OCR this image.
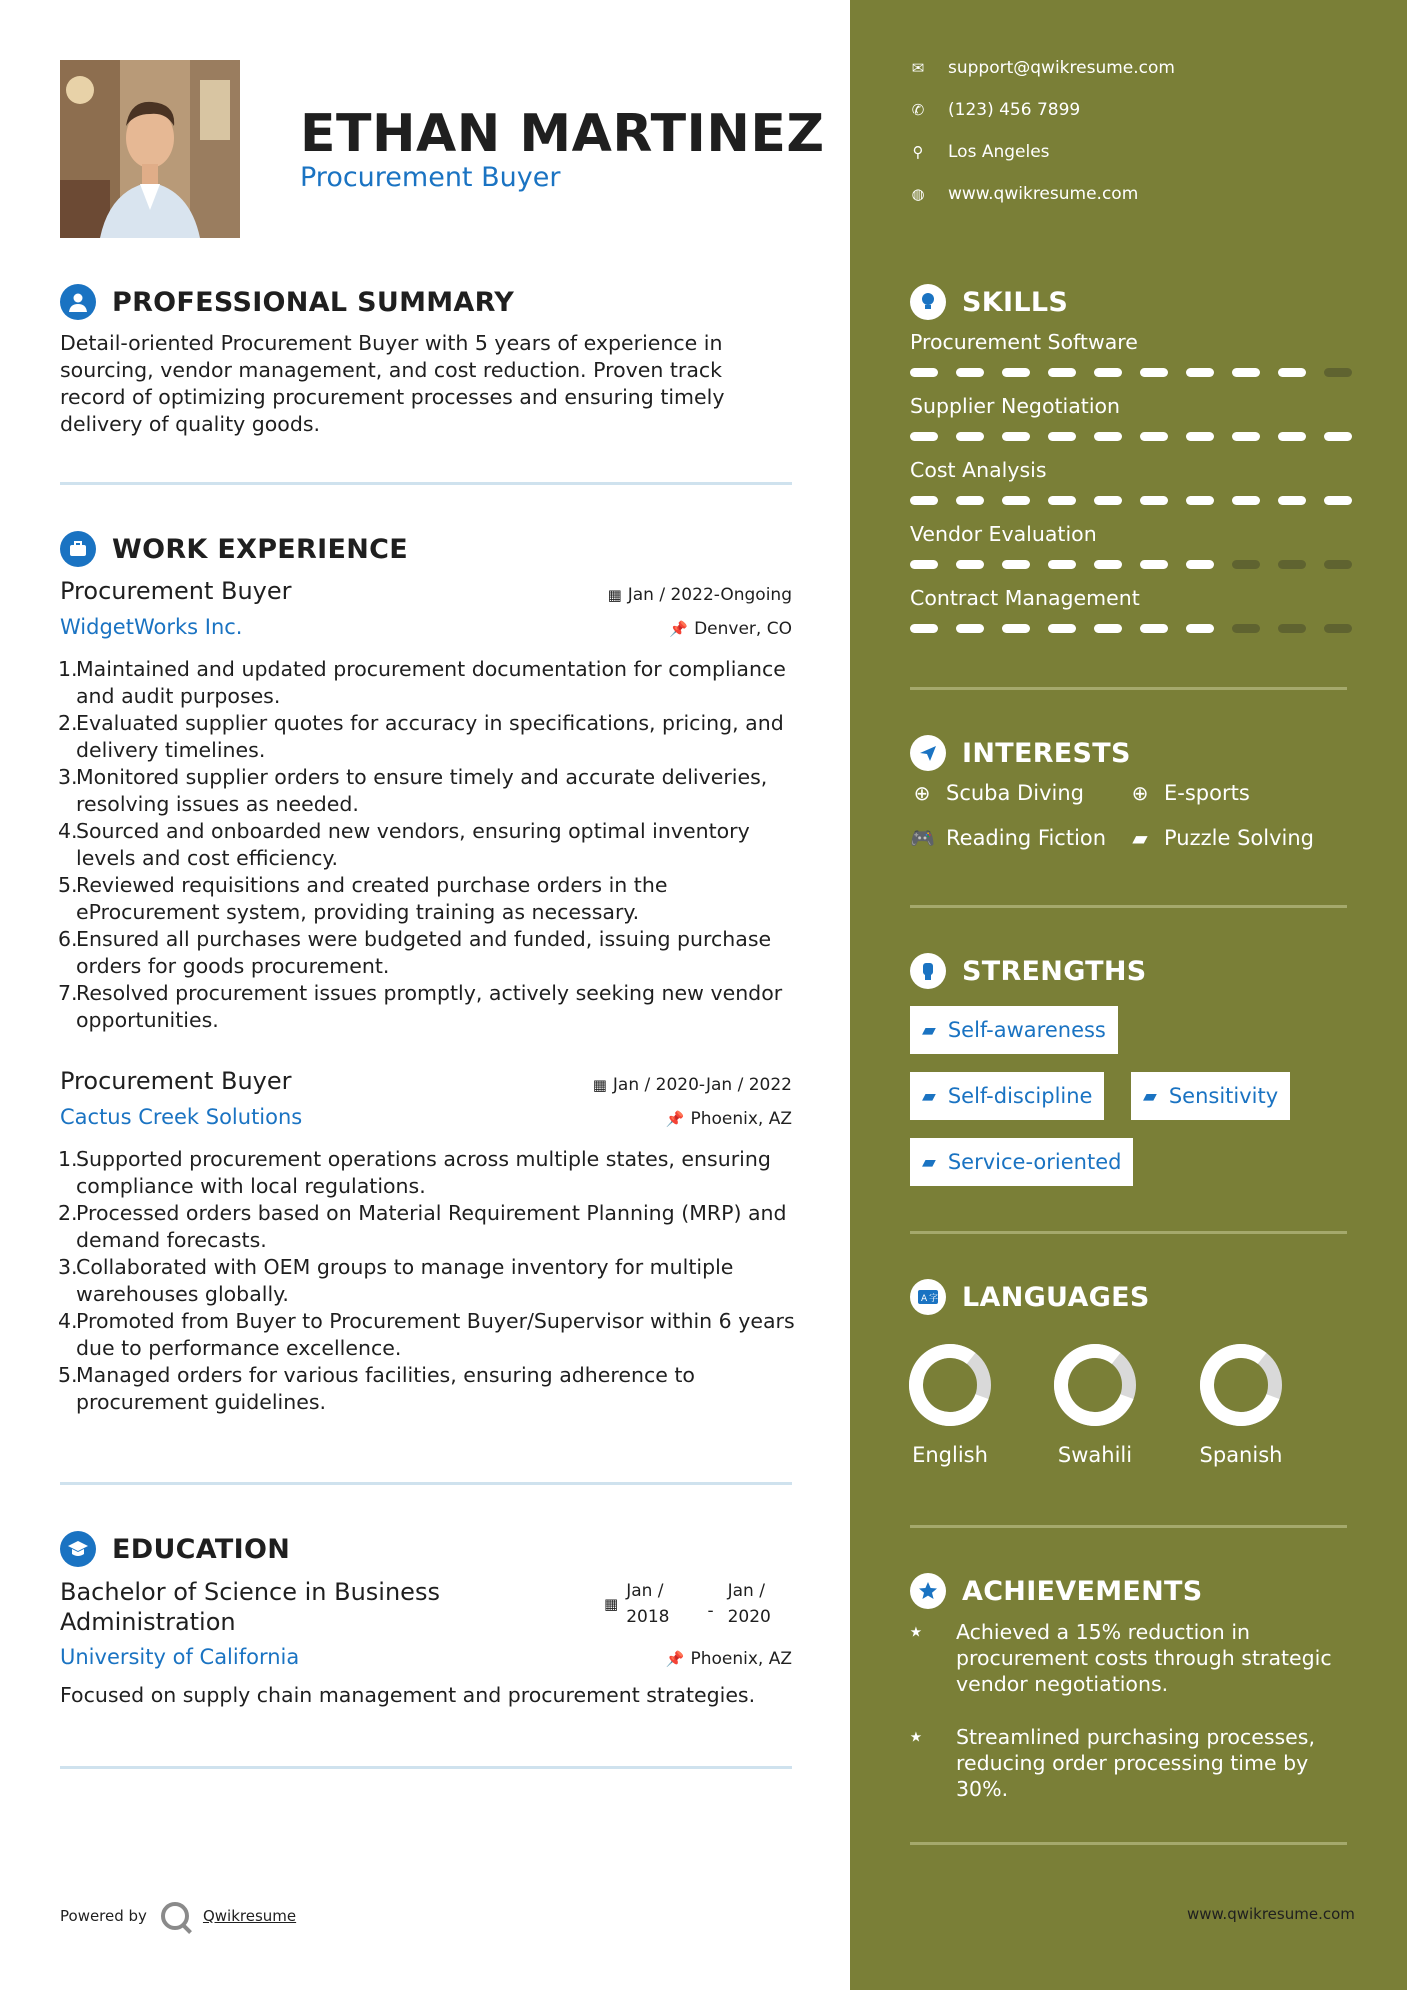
ETHAN MARTINEZ
Procurement Buyer
PROFESSIONAL SUMMARY
Detail-oriented Procurement Buyer with 5 years of experience in sourcing, vendor management, and cost reduction. Proven track record of optimizing procurement processes and ensuring timely delivery of quality goods.
WORK EXPERIENCE
Procurement Buyer	▦ Jan / 2022-Ongoing
WidgetWorks Inc.	📌 Denver, CO
1.
Maintained and updated procurement documentation for compliance and audit purposes.
2.
Evaluated supplier quotes for accuracy in specifications, pricing, and delivery timelines.
3.
Monitored supplier orders to ensure timely and accurate deliveries, resolving issues as needed.
4.
Sourced and onboarded new vendors, ensuring optimal inventory levels and cost efficiency.
5.
Reviewed requisitions and created purchase orders in the eProcurement system, providing training as necessary.
6.
Ensured all purchases were budgeted and funded, issuing purchase orders for goods procurement.
7.
Resolved procurement issues promptly, actively seeking new vendor opportunities.
Procurement Buyer	▦ Jan / 2020-Jan / 2022
Cactus Creek Solutions	📌 Phoenix, AZ
1.
Supported procurement operations across multiple states, ensuring compliance with local regulations.
2.
Processed orders based on Material Requirement Planning (MRP) and demand forecasts.
3.
Collaborated with OEM groups to manage inventory for multiple warehouses globally.
4.
Promoted from Buyer to Procurement Buyer/Supervisor within 6 years due to performance excellence.
5.
Managed orders for various facilities, ensuring adherence to procurement guidelines.
EDUCATION
Bachelor of Science in Business
Administration
▦
Jan /
2018 -
Jan /
2020
University of California	📌 Phoenix, AZ
Focused on supply chain management and procurement strategies.
Powered by	Qwikresume
✉ support@qwikresume.com
✆ (123) 456 7899
⚲ Los Angeles
◍ www.qwikresume.com
SKILLS
Procurement Software
Supplier Negotiation
Cost Analysis
Vendor Evaluation
Contract Management
INTERESTS
⊕ Scuba Diving ⊕ E-sports
🎮 Reading Fiction ▰ Puzzle Solving
STRENGTHS
▰ Self-awareness
▰ Self-discipline	▰ Sensitivity
▰ Service-oriented
A 字 LANGUAGES
English	Swahili	Spanish
ACHIEVEMENTS
⭑	Achieved a 15% reduction in procurement costs through strategic vendor negotiations.
⭑	Streamlined purchasing processes, reducing order processing time by 30%.
www.qwikresume.com
